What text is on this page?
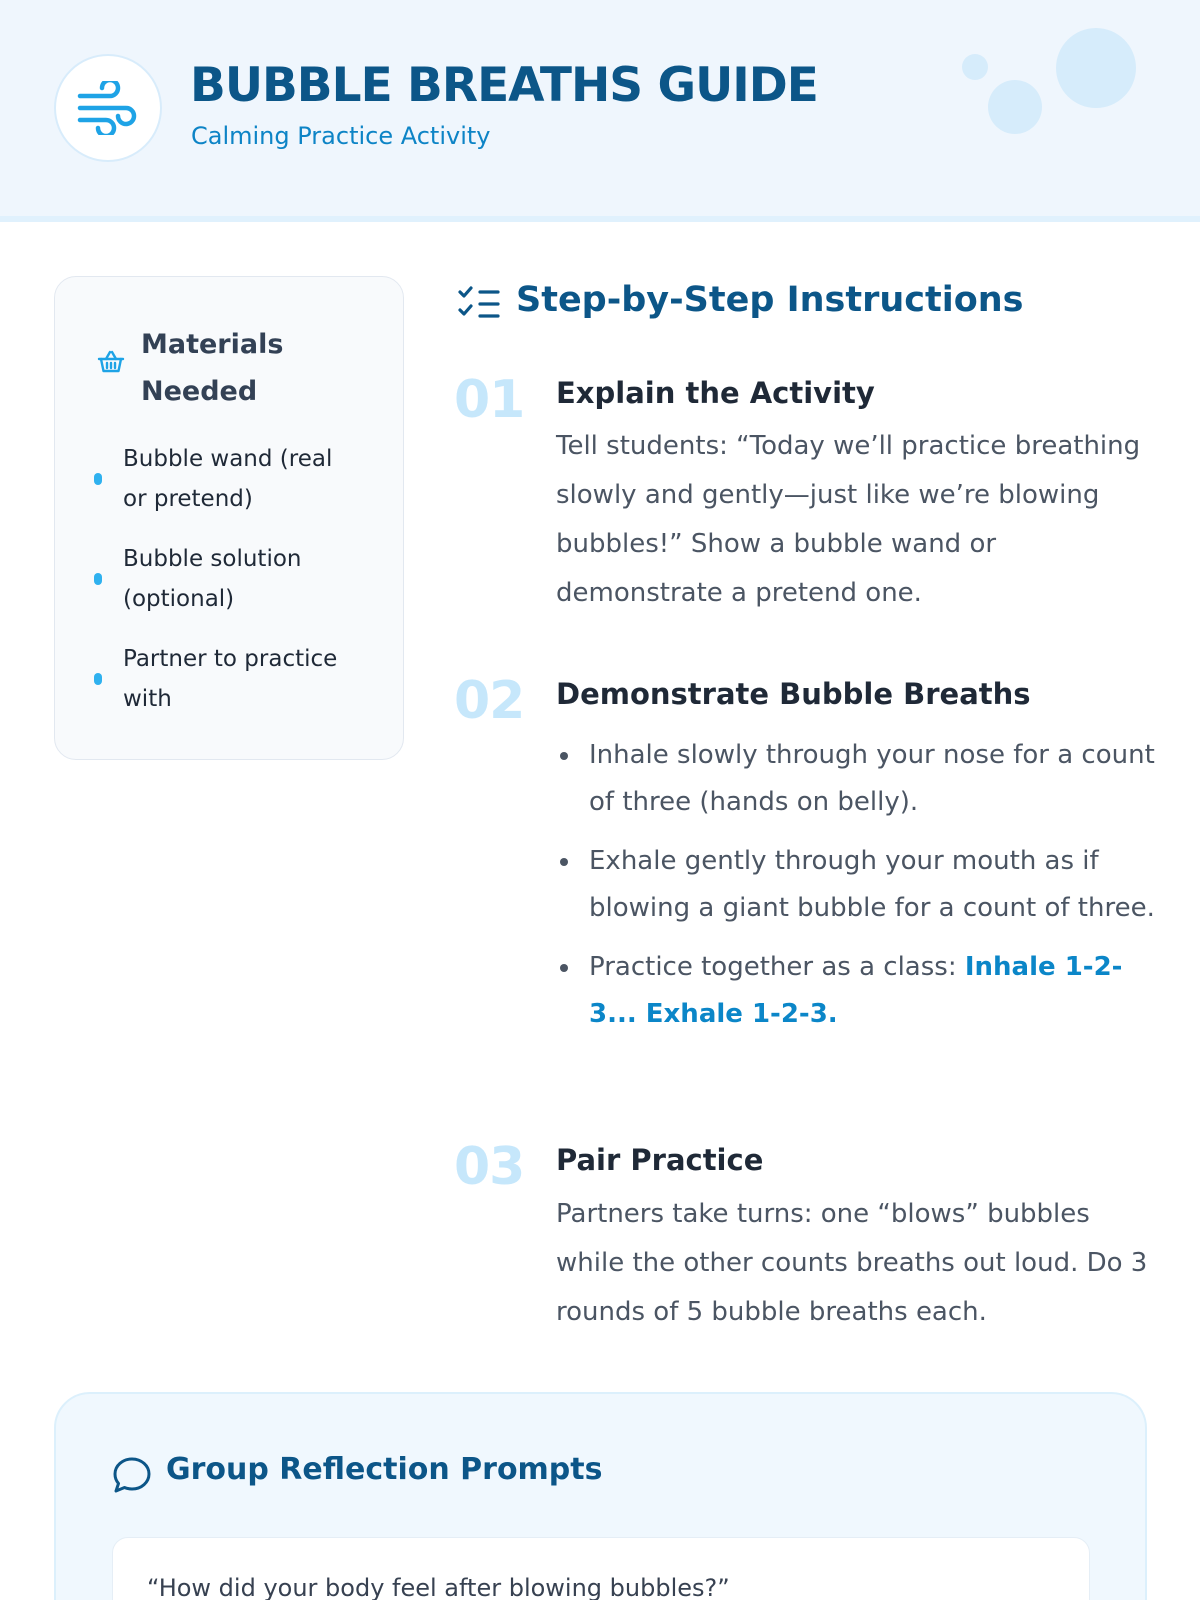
BUBBLE BREATHS GUIDE
Calming Practice Activity
Materials Needed
Bubble wand (real or pretend)
Bubble solution (optional)
Partner to practice with
Step-by-Step Instructions
01 Explain the Activity
Tell students: “Today we’ll practice breathing slowly and gently—just like we’re blowing bubbles!” Show a bubble wand or demonstrate a pretend one.
02 Demonstrate Bubble Breaths
Inhale slowly through your nose for a count of three (hands on belly).
Exhale gently through your mouth as if blowing a giant bubble for a count of three.
Practice together as a class: Inhale 1-2-3... Exhale 1-2-3.
03 Pair Practice
Partners take turns: one “blows” bubbles while the other counts breaths out loud. Do 3 rounds of 5 bubble breaths each.
Group Reflection Prompts
“How did your body feel after blowing bubbles?”
